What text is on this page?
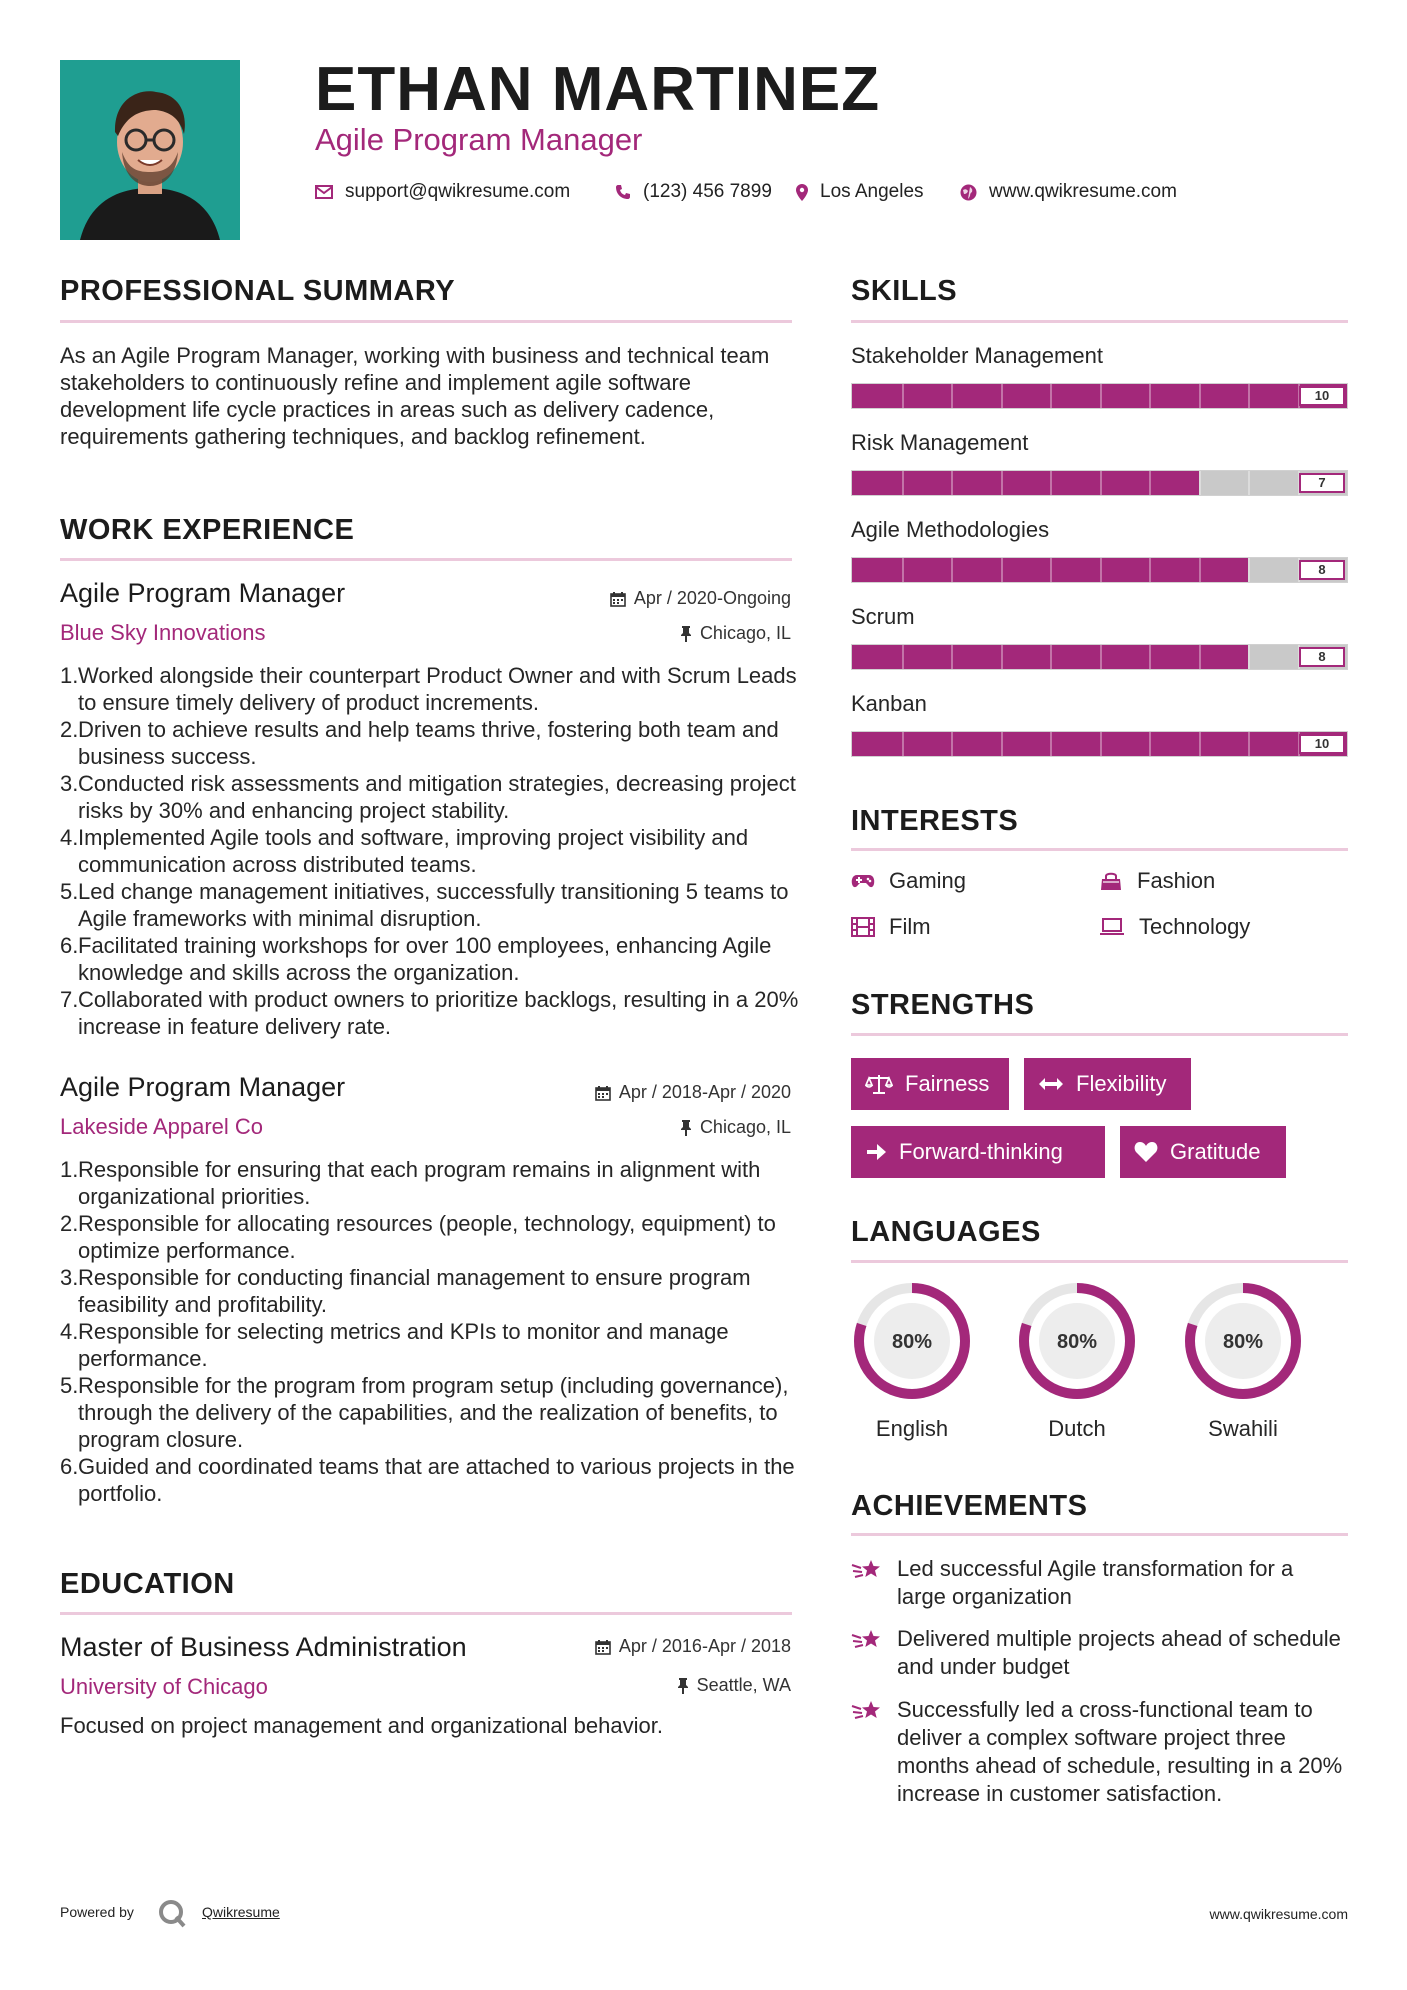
ETHAN MARTINEZ
Agile Program Manager
support@qwikresume.com	(123) 456 7899	Los Angeles	www.qwikresume.com
PROFESSIONAL SUMMARY
As an Agile Program Manager, working with business and technical team stakeholders to continuously refine and implement agile software development life cycle practices in areas such as delivery cadence, requirements gathering techniques, and backlog refinement.
WORK EXPERIENCE
Agile Program Manager	Apr / 2020-Ongoing
Blue Sky Innovations	Chicago, IL
Worked alongside their counterpart Product Owner and with Scrum Leads to ensure timely delivery of product increments.
Driven to achieve results and help teams thrive, fostering both team and business success.
Conducted risk assessments and mitigation strategies, decreasing project risks by 30% and enhancing project stability.
Implemented Agile tools and software, improving project visibility and communication across distributed teams.
Led change management initiatives, successfully transitioning 5 teams to Agile frameworks with minimal disruption.
Facilitated training workshops for over 100 employees, enhancing Agile knowledge and skills across the organization.
Collaborated with product owners to prioritize backlogs, resulting in a 20% increase in feature delivery rate.
Agile Program Manager	Apr / 2018-Apr / 2020
Lakeside Apparel Co	Chicago, IL
Responsible for ensuring that each program remains in alignment with organizational priorities.
Responsible for allocating resources (people, technology, equipment) to optimize performance.
Responsible for conducting financial management to ensure program feasibility and profitability.
Responsible for selecting metrics and KPIs to monitor and manage performance.
Responsible for the program from program setup (including governance), through the delivery of the capabilities, and the realization of benefits, to program closure.
Guided and coordinated teams that are attached to various projects in the portfolio.
EDUCATION
Master of Business Administration	Apr / 2016-Apr / 2018
University of Chicago	Seattle, WA
Focused on project management and organizational behavior.
SKILLS
Stakeholder Management
10
Risk Management
7
Agile Methodologies
8
Scrum
8
Kanban
10
INTERESTS
Gaming	Fashion
Film	Technology
STRENGTHS
Fairness	Flexibility
Forward-thinking	Gratitude
LANGUAGES
80%
English
80%
Dutch
80%
Swahili
ACHIEVEMENTS
Led successful Agile transformation for a large organization
Delivered multiple projects ahead of schedule and under budget
Successfully led a cross-functional team to deliver a complex software project three months ahead of schedule, resulting in a 20% increase in customer satisfaction.
Powered by	Qwikresume	www.qwikresume.com
